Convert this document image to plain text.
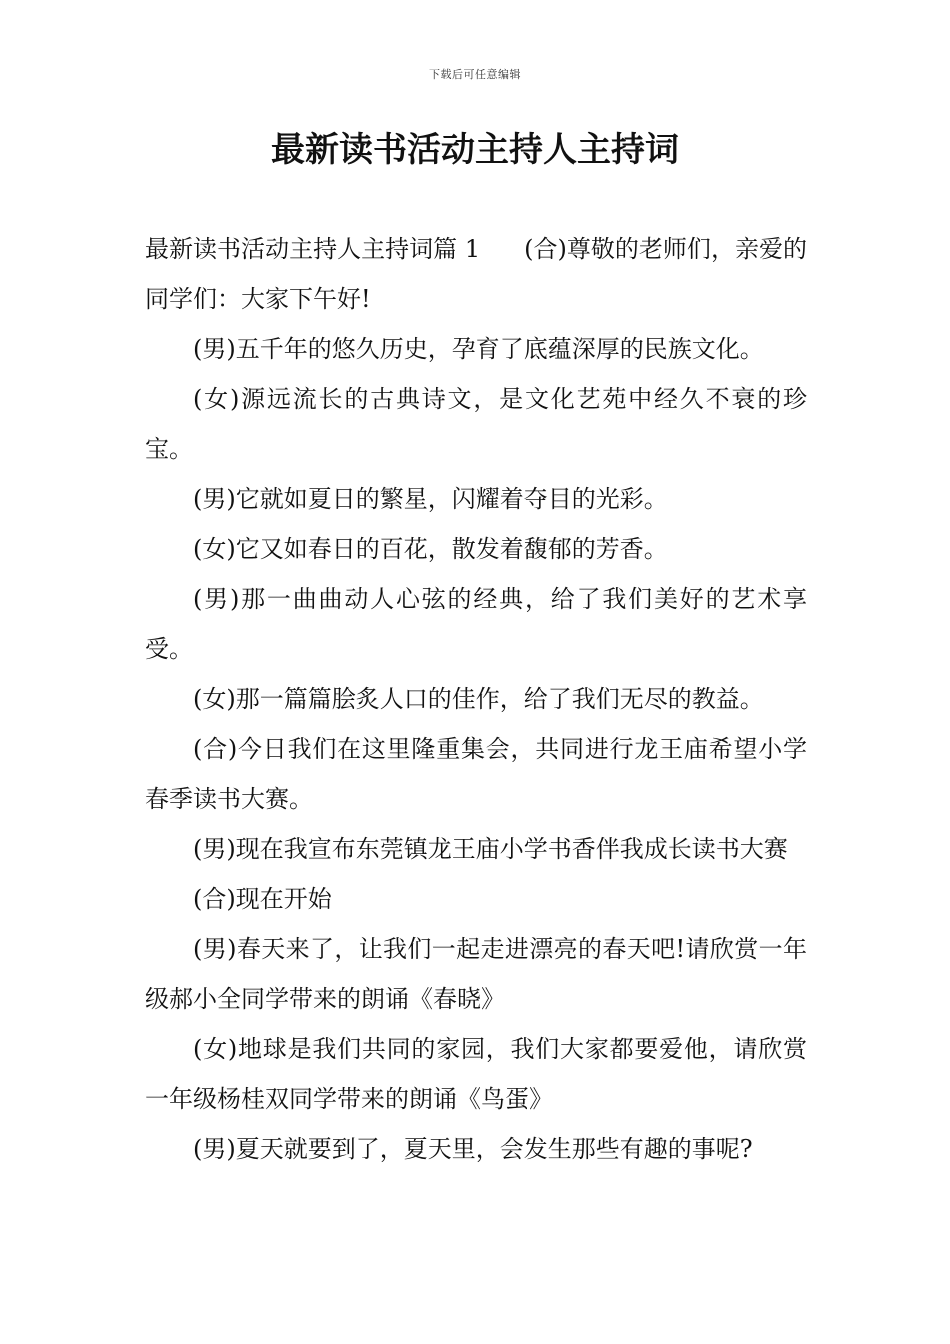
下载后可任意编辑
最新读书活动主持人主持词

最新读书活动主持人主持词篇 1 (合)尊敬的老师们，亲爱的同学们：大家下午好!

(男)五千年的悠久历史，孕育了底蕴深厚的民族文化。

(女)源远流长的古典诗文，是文化艺苑中经久不衰的珍宝。

(男)它就如夏日的繁星，闪耀着夺目的光彩。

(女)它又如春日的百花，散发着馥郁的芳香。

(男)那一曲曲动人心弦的经典，给了我们美好的艺术享受。

(女)那一篇篇脍炙人口的佳作，给了我们无尽的教益。

(合)今日我们在这里隆重集会，共同进行龙王庙希望小学春季读书大赛。

(男)现在我宣布东莞镇龙王庙小学书香伴我成长读书大赛

(合)现在开始

(男)春天来了，让我们一起走进漂亮的春天吧!请欣赏一年级郝小全同学带来的朗诵《春晓》

(女)地球是我们共同的家园，我们大家都要爱他，请欣赏一年级杨桂双同学带来的朗诵《鸟蛋》

(男)夏天就要到了，夏天里，会发生那些有趣的事呢?
